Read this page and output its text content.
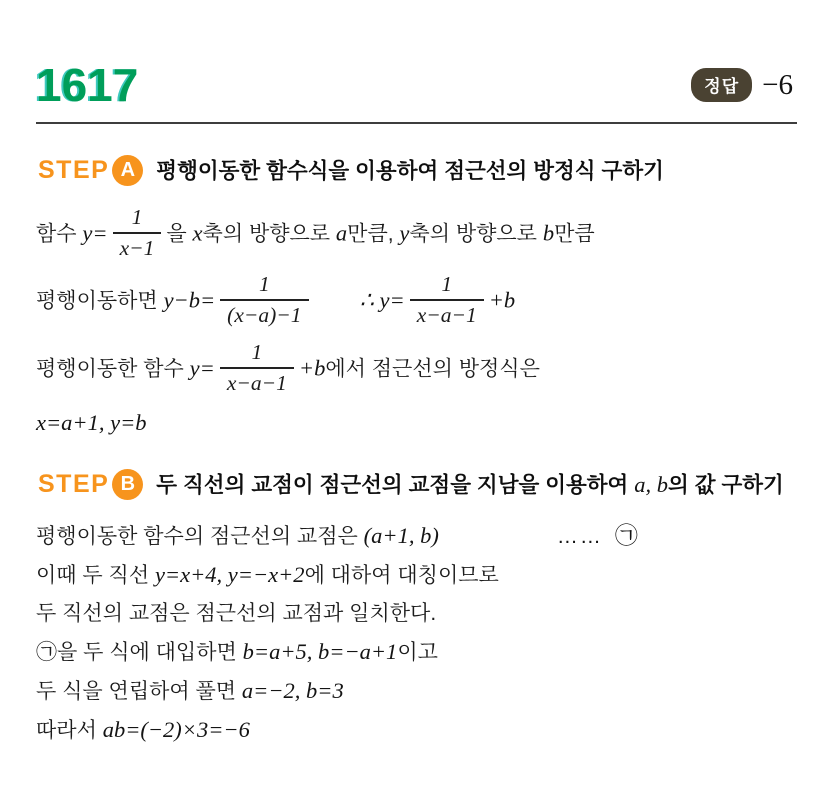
1617	정답 −6
STEP A 평행이동한 함수식을 이용하여 점근선의 방정식 구하기
함수 $y= \frac{1}{x-1}$ 을 x축의 방향으로 a만큼, y축의 방향으로 b만큼
평행이동하면 $y-b= \frac{1}{(x-a)-1}$ ∴ $y= \frac{1}{x-a-1} +b$
평행이동한 함수 $y= \frac{1}{x-a-1} +b$에서 점근선의 방정식은
x=a+1, y=b
STEP B 두 직선의 교점이 점근선의 교점을 지남을 이용하여 a, b의 값 구하기
평행이동한 함수의 점근선의 교점은 (a+1, b)	…… ㉠
이때 두 직선 y=x+4, y=−x+2에 대하여 대칭이므로
두 직선의 교점은 점근선의 교점과 일치한다.
㉠을 두 식에 대입하면 b=a+5, b=−a+1이고
두 식을 연립하여 풀면 a=−2, b=3
따라서 ab=(−2)×3=−6
